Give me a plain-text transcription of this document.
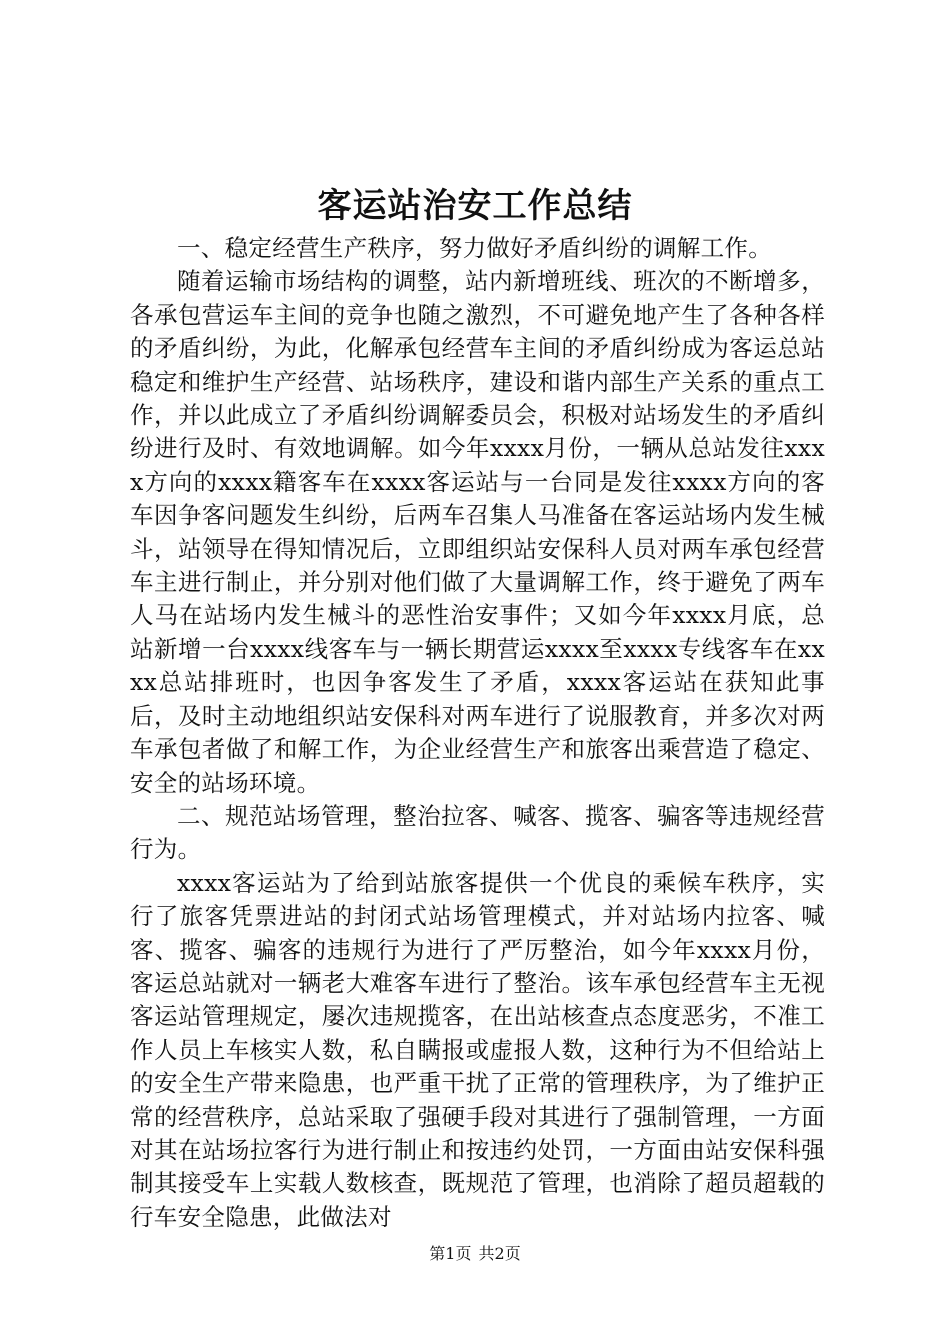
客运站治安工作总结

一、稳定经营生产秩序，努力做好矛盾纠纷的调解工作。

随着运输市场结构的调整，站内新增班线、班次的不断增多，各承包营运车主间的竞争也随之激烈，不可避免地产生了各种各样的矛盾纠纷，为此，化解承包经营车主间的矛盾纠纷成为客运总站稳定和维护生产经营、站场秩序，建设和谐内部生产关系的重点工作，并以此成立了矛盾纠纷调解委员会，积极对站场发生的矛盾纠纷进行及时、有效地调解。如今年xxxx月份，一辆从总站发往xxxx方向的xxxx籍客车在xxxx客运站与一台同是发往xxxx方向的客车因争客问题发生纠纷，后两车召集人马准备在客运站场内发生械斗，站领导在得知情况后，立即组织站安保科人员对两车承包经营车主进行制止，并分别对他们做了大量调解工作，终于避免了两车人马在站场内发生械斗的恶性治安事件；又如今年xxxx月底，总站新增一台xxxx线客车与一辆长期营运xxxx至xxxx专线客车在xxxx总站排班时，也因争客发生了矛盾，xxxx客运站在获知此事后，及时主动地组织站安保科对两车进行了说服教育，并多次对两车承包者做了和解工作，为企业经营生产和旅客出乘营造了稳定、安全的站场环境。

二、规范站场管理，整治拉客、喊客、揽客、骗客等违规经营行为。

xxxx客运站为了给到站旅客提供一个优良的乘候车秩序，实行了旅客凭票进站的封闭式站场管理模式，并对站场内拉客、喊客、揽客、骗客的违规行为进行了严厉整治，如今年xxxx月份，客运总站就对一辆老大难客车进行了整治。该车承包经营车主无视客运站管理规定，屡次违规揽客，在出站核查点态度恶劣，不准工作人员上车核实人数，私自瞒报或虚报人数，这种行为不但给站上的安全生产带来隐患，也严重干扰了正常的管理秩序，为了维护正常的经营秩序，总站采取了强硬手段对其进行了强制管理，一方面对其在站场拉客行为进行制止和按违约处罚，一方面由站安保科强制其接受车上实载人数核查，既规范了管理，也消除了超员超载的行车安全隐患，此做法对

第1页 共2页
